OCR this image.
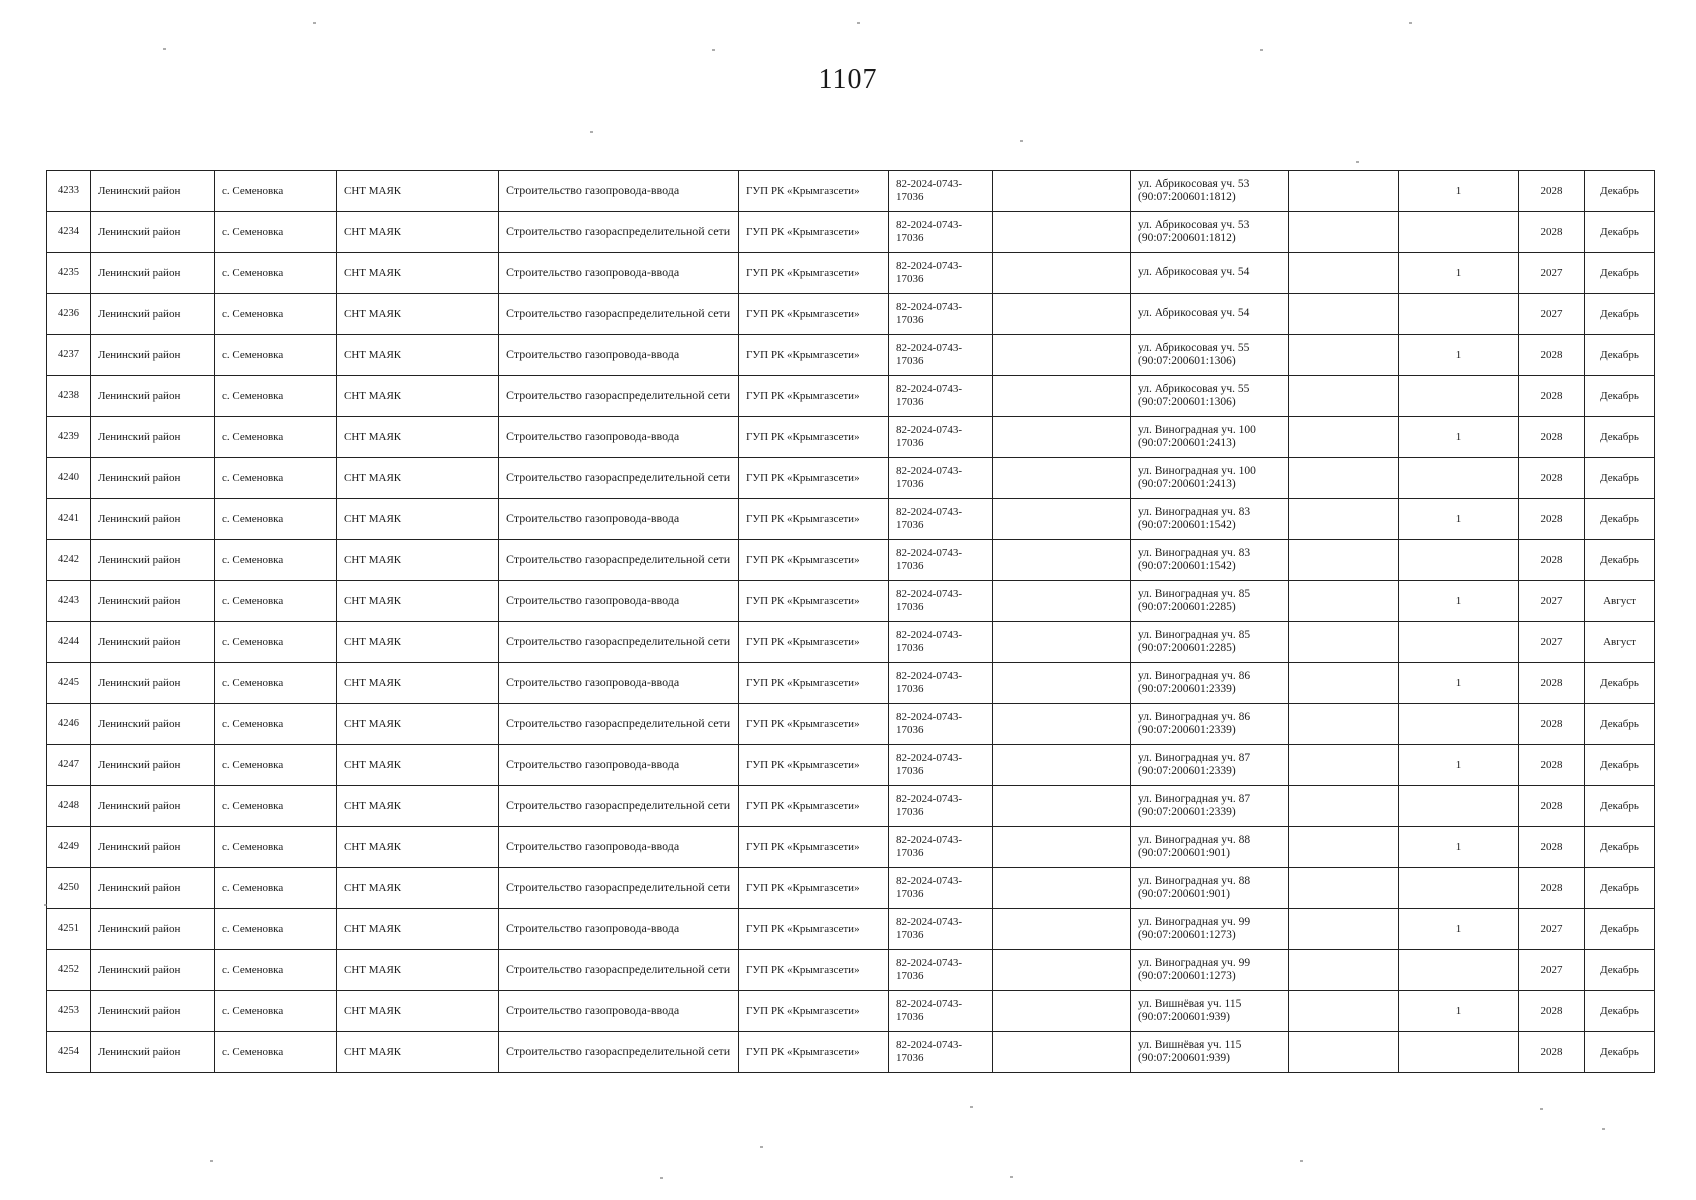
1107
4233	Ленинский район	с. Семеновка	СНТ МАЯК	Строительство газопровода-ввода	ГУП РК «Крымгазсети»	82-2024-0743-17036		ул. Абрикосовая уч. 53 (90:07:200601:1812)		1	2028	Декабрь
4234	Ленинский район	с. Семеновка	СНТ МАЯК	Строительство газораспределительной сети	ГУП РК «Крымгазсети»	82-2024-0743-17036		ул. Абрикосовая уч. 53 (90:07:200601:1812)			2028	Декабрь
4235	Ленинский район	с. Семеновка	СНТ МАЯК	Строительство газопровода-ввода	ГУП РК «Крымгазсети»	82-2024-0743-17036		ул. Абрикосовая уч. 54		1	2027	Декабрь
4236	Ленинский район	с. Семеновка	СНТ МАЯК	Строительство газораспределительной сети	ГУП РК «Крымгазсети»	82-2024-0743-17036		ул. Абрикосовая уч. 54			2027	Декабрь
4237	Ленинский район	с. Семеновка	СНТ МАЯК	Строительство газопровода-ввода	ГУП РК «Крымгазсети»	82-2024-0743-17036		ул. Абрикосовая уч. 55 (90:07:200601:1306)		1	2028	Декабрь
4238	Ленинский район	с. Семеновка	СНТ МАЯК	Строительство газораспределительной сети	ГУП РК «Крымгазсети»	82-2024-0743-17036		ул. Абрикосовая уч. 55 (90:07:200601:1306)			2028	Декабрь
4239	Ленинский район	с. Семеновка	СНТ МАЯК	Строительство газопровода-ввода	ГУП РК «Крымгазсети»	82-2024-0743-17036		ул. Виноградная уч. 100 (90:07:200601:2413)		1	2028	Декабрь
4240	Ленинский район	с. Семеновка	СНТ МАЯК	Строительство газораспределительной сети	ГУП РК «Крымгазсети»	82-2024-0743-17036		ул. Виноградная уч. 100 (90:07:200601:2413)			2028	Декабрь
4241	Ленинский район	с. Семеновка	СНТ МАЯК	Строительство газопровода-ввода	ГУП РК «Крымгазсети»	82-2024-0743-17036		ул. Виноградная уч. 83 (90:07:200601:1542)		1	2028	Декабрь
4242	Ленинский район	с. Семеновка	СНТ МАЯК	Строительство газораспределительной сети	ГУП РК «Крымгазсети»	82-2024-0743-17036		ул. Виноградная уч. 83 (90:07:200601:1542)			2028	Декабрь
4243	Ленинский район	с. Семеновка	СНТ МАЯК	Строительство газопровода-ввода	ГУП РК «Крымгазсети»	82-2024-0743-17036		ул. Виноградная уч. 85 (90:07:200601:2285)		1	2027	Август
4244	Ленинский район	с. Семеновка	СНТ МАЯК	Строительство газораспределительной сети	ГУП РК «Крымгазсети»	82-2024-0743-17036		ул. Виноградная уч. 85 (90:07:200601:2285)			2027	Август
4245	Ленинский район	с. Семеновка	СНТ МАЯК	Строительство газопровода-ввода	ГУП РК «Крымгазсети»	82-2024-0743-17036		ул. Виноградная уч. 86 (90:07:200601:2339)		1	2028	Декабрь
4246	Ленинский район	с. Семеновка	СНТ МАЯК	Строительство газораспределительной сети	ГУП РК «Крымгазсети»	82-2024-0743-17036		ул. Виноградная уч. 86 (90:07:200601:2339)			2028	Декабрь
4247	Ленинский район	с. Семеновка	СНТ МАЯК	Строительство газопровода-ввода	ГУП РК «Крымгазсети»	82-2024-0743-17036		ул. Виноградная уч. 87 (90:07:200601:2339)		1	2028	Декабрь
4248	Ленинский район	с. Семеновка	СНТ МАЯК	Строительство газораспределительной сети	ГУП РК «Крымгазсети»	82-2024-0743-17036		ул. Виноградная уч. 87 (90:07:200601:2339)			2028	Декабрь
4249	Ленинский район	с. Семеновка	СНТ МАЯК	Строительство газопровода-ввода	ГУП РК «Крымгазсети»	82-2024-0743-17036		ул. Виноградная уч. 88 (90:07:200601:901)		1	2028	Декабрь
4250	Ленинский район	с. Семеновка	СНТ МАЯК	Строительство газораспределительной сети	ГУП РК «Крымгазсети»	82-2024-0743-17036		ул. Виноградная уч. 88 (90:07:200601:901)			2028	Декабрь
4251	Ленинский район	с. Семеновка	СНТ МАЯК	Строительство газопровода-ввода	ГУП РК «Крымгазсети»	82-2024-0743-17036		ул. Виноградная уч. 99 (90:07:200601:1273)		1	2027	Декабрь
4252	Ленинский район	с. Семеновка	СНТ МАЯК	Строительство газораспределительной сети	ГУП РК «Крымгазсети»	82-2024-0743-17036		ул. Виноградная уч. 99 (90:07:200601:1273)			2027	Декабрь
4253	Ленинский район	с. Семеновка	СНТ МАЯК	Строительство газопровода-ввода	ГУП РК «Крымгазсети»	82-2024-0743-17036		ул. Вишнёвая уч. 115 (90:07:200601:939)		1	2028	Декабрь
4254	Ленинский район	с. Семеновка	СНТ МАЯК	Строительство газораспределительной сети	ГУП РК «Крымгазсети»	82-2024-0743-17036		ул. Вишнёвая уч. 115 (90:07:200601:939)			2028	Декабрь
